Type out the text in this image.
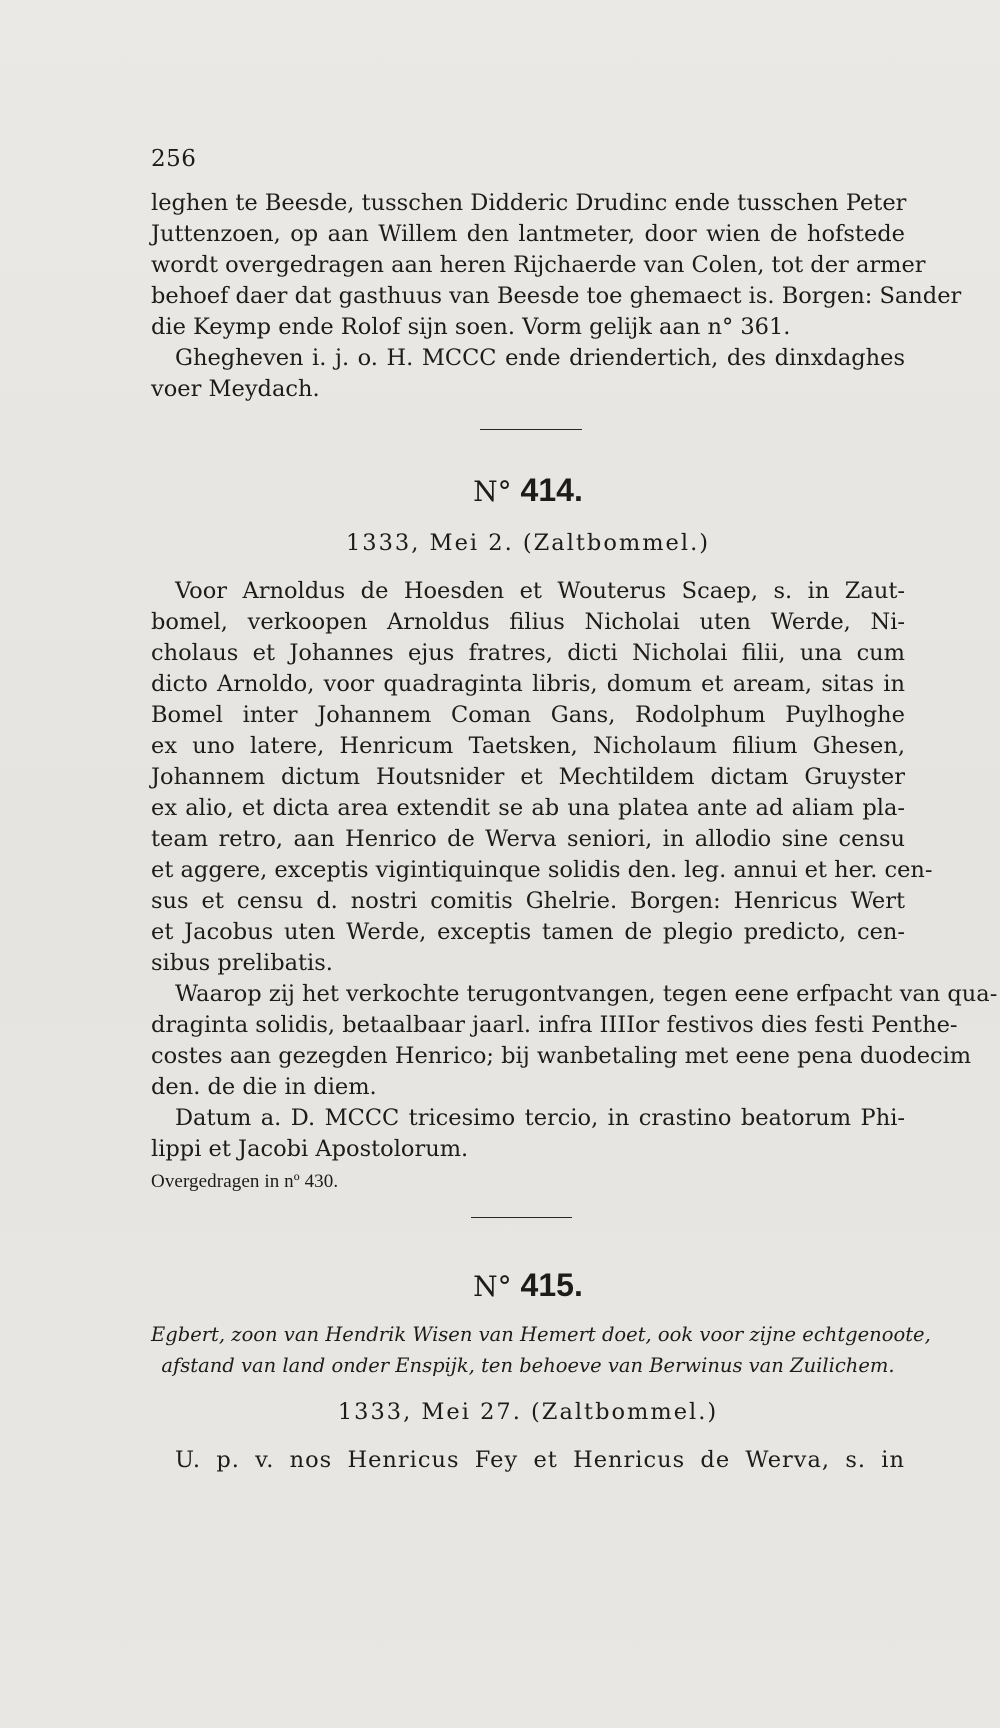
256
leghen te Beesde, tusschen Didderic Drudinc ende tusschen Peter
Juttenzoen, op aan Willem den lantmeter, door wien de hofstede
wordt overgedragen aan heren Rijchaerde van Colen, tot der armer
behoef daer dat gasthuus van Beesde toe ghemaect is. Borgen: Sander
die Keymp ende Rolof sijn soen. Vorm gelijk aan n° 361.
Ghegheven i. j. o. H. MCCC ende driendertich, des dinxdaghes
voer Meydach.
N° 414.
1333, Mei 2. (Zaltbommel.)
Voor Arnoldus de Hoesden et Wouterus Scaep, s. in Zaut-
bomel, verkoopen Arnoldus filius Nicholai uten Werde, Ni-
cholaus et Johannes ejus fratres, dicti Nicholai filii, una cum
dicto Arnoldo, voor quadraginta libris, domum et aream, sitas in
Bomel inter Johannem Coman Gans, Rodolphum Puylhoghe
ex uno latere, Henricum Taetsken, Nicholaum filium Ghesen,
Johannem dictum Houtsnider et Mechtildem dictam Gruyster
ex alio, et dicta area extendit se ab una platea ante ad aliam pla-
team retro, aan Henrico de Werva seniori, in allodio sine censu
et aggere, exceptis vigintiquinque solidis den. leg. annui et her. cen-
sus et censu d. nostri comitis Ghelrie. Borgen: Henricus Wert
et Jacobus uten Werde, exceptis tamen de plegio predicto, cen-
sibus prelibatis.
Waarop zij het verkochte terugontvangen, tegen eene erfpacht van qua-
draginta solidis, betaalbaar jaarl. infra IIIIor festivos dies festi Penthe-
costes aan gezegden Henrico; bij wanbetaling met eene pena duodecim
den. de die in diem.
Datum a. D. MCCC tricesimo tercio, in crastino beatorum Phi-
lippi et Jacobi Apostolorum.
Overgedragen in nº 430.
N° 415.
Egbert, zoon van Hendrik Wisen van Hemert doet, ook voor zijne echtgenoote,
afstand van land onder Enspijk, ten behoeve van Berwinus van Zuilichem.
1333, Mei 27. (Zaltbommel.)
U. p. v. nos Henricus Fey et Henricus de Werva, s. in
